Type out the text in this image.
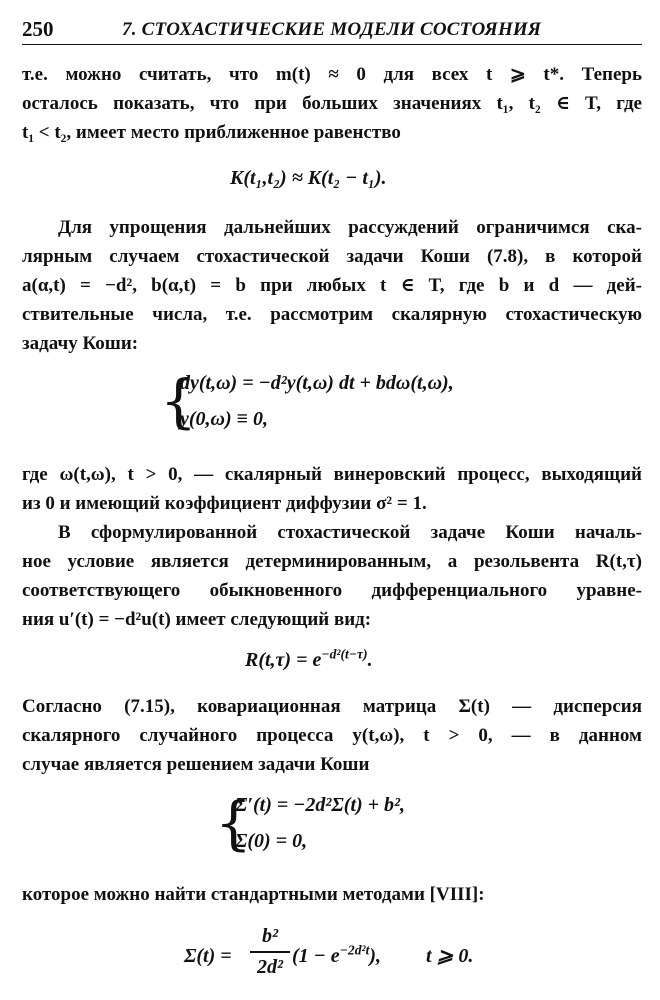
250	7. СТОХАСТИЧЕСКИЕ МОДЕЛИ СОСТОЯНИЯ
т.е. можно считать, что m(t) ≈ 0 для всех t ⩾ t*. Теперь
осталось показать, что при больших значениях t₁, t₂ ∈ T, где
t₁ < t₂, имеет место приближенное равенство
K(t₁,t₂) ≈ K(t₂ − t₁).
Для упрощения дальнейших рассуждений ограничимся ска-
лярным случаем стохастической задачи Коши (7.8), в которой
a(α,t) = −d², b(α,t) = b при любых t ∈ T, где b и d — дей-
ствительные числа, т.е. рассмотрим скалярную стохастическую
задачу Коши:
{
dy(t,ω) = −d²y(t,ω) dt + bdω(t,ω),
y(0,ω) ≡ 0,
где ω(t,ω), t > 0, — скалярный винеровский процесс, выходящий
из 0 и имеющий коэффициент диффузии σ² = 1.
В сформулированной стохастической задаче Коши началь-
ное условие является детерминированным, а резольвента R(t,τ)
соответствующего обыкновенного дифференциального уравне-
ния u′(t) = −d²u(t) имеет следующий вид:
$R(t,\tau) = e^{-d^2(t-\tau)}$.
Согласно (7.15), ковариационная матрица Σ(t) — дисперсия
скалярного случайного процесса y(t,ω), t > 0, — в данном
случае является решением задачи Коши
{
Σ′(t) = −2d²Σ(t) + b²,
Σ(0) = 0,
которое можно найти стандартными методами [VIII]:
Σ(t) =
b²
2d² $(1 - e^{-2d^2t})$, t ⩾ 0.
